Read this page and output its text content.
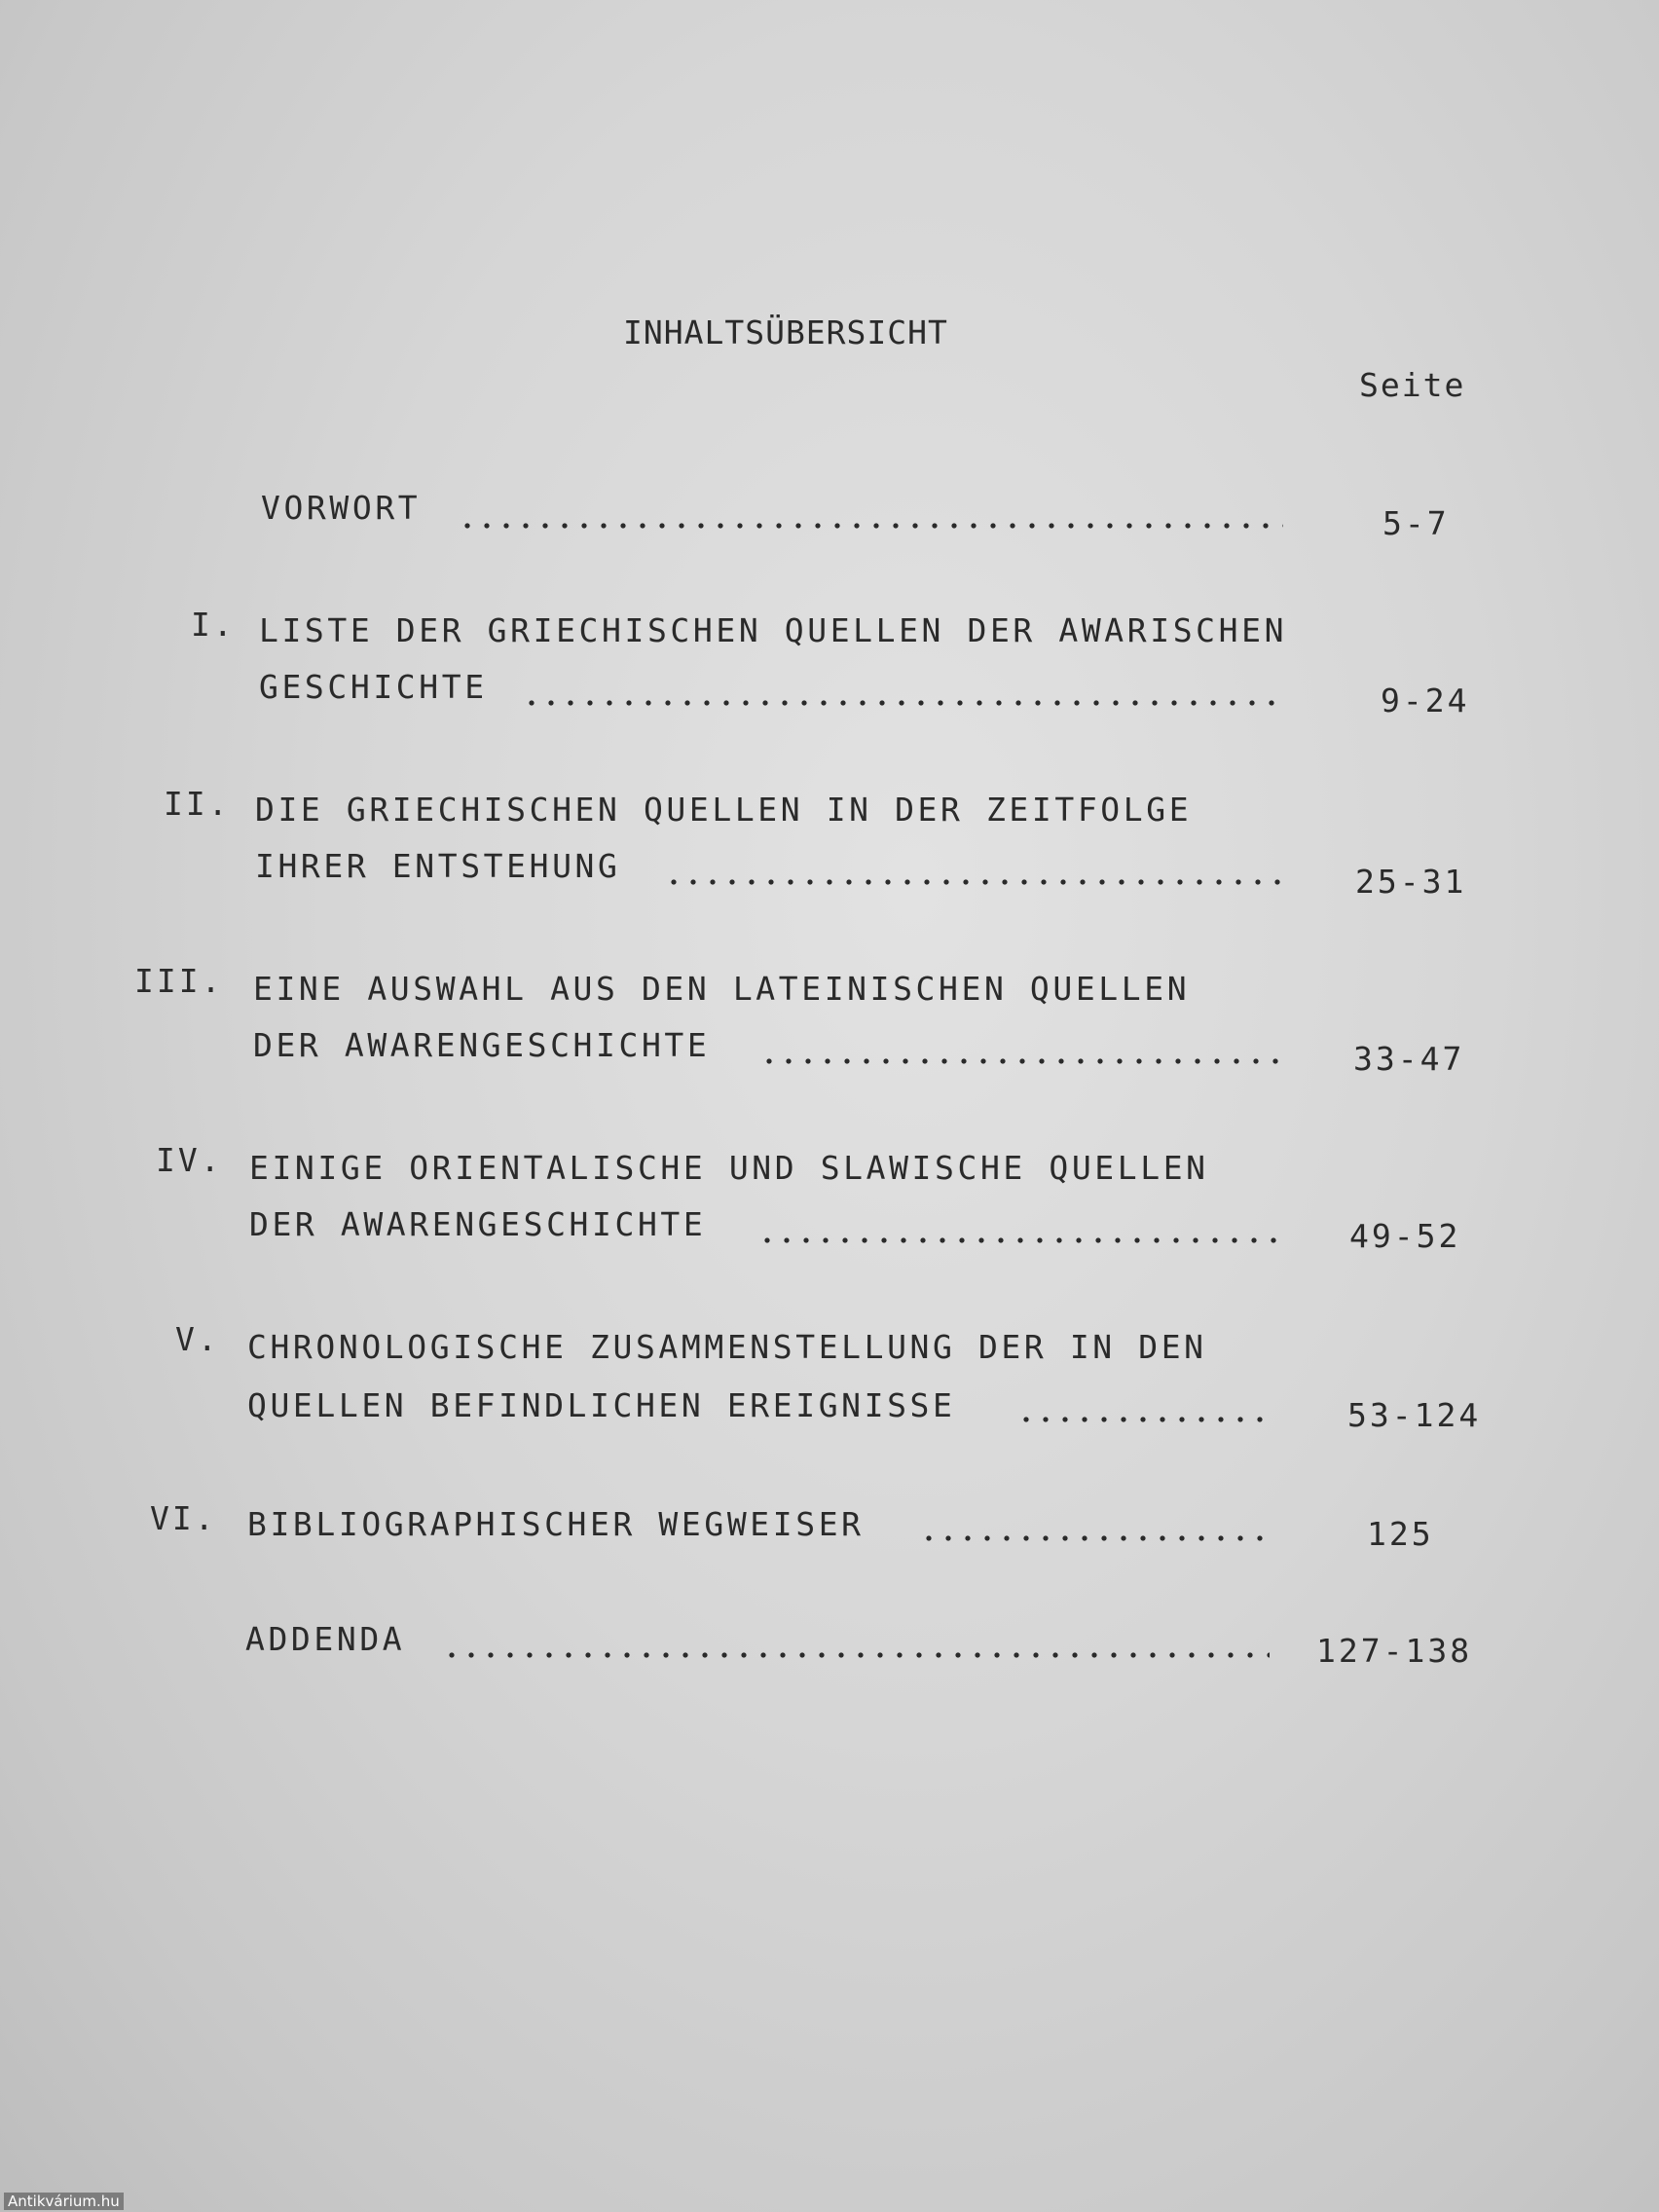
INHALTSÜBERSICHT
Seite
VORWORT	5-7
I. LISTE DER GRIECHISCHEN QUELLEN DER AWARISCHEN
GESCHICHTE	9-24
II. DIE GRIECHISCHEN QUELLEN IN DER ZEITFOLGE
IHRER ENTSTEHUNG	25-31
III. EINE AUSWAHL AUS DEN LATEINISCHEN QUELLEN
DER AWARENGESCHICHTE	33-47
IV. EINIGE ORIENTALISCHE UND SLAWISCHE QUELLEN
DER AWARENGESCHICHTE	49-52
V. CHRONOLOGISCHE ZUSAMMENSTELLUNG DER IN DEN
QUELLEN BEFINDLICHEN EREIGNISSE	53-124
VI. BIBLIOGRAPHISCHER WEGWEISER	125
ADDENDA	127-138
Antikvárium.hu
